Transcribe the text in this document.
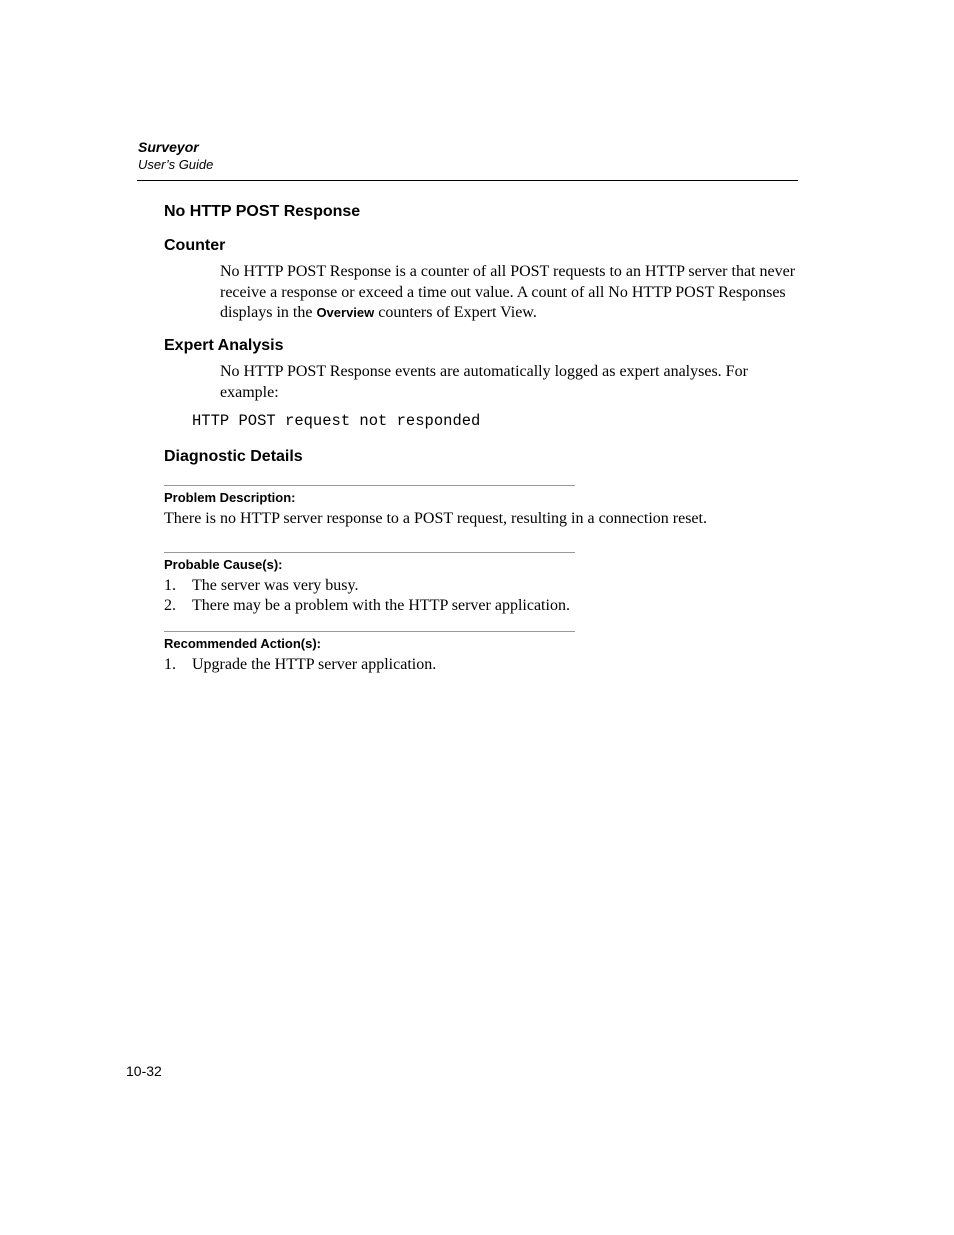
Surveyor

User’s Guide

No HTTP POST Response
Counter

No HTTP POST Response is a counter of all POST requests to an HTTP server that never receive a response or exceed a time out value. A count of all No HTTP POST Responses displays in the Overview counters of Expert View.

Expert Analysis

No HTTP POST Response events are automatically logged as expert analyses. For example:

HTTP POST request not responded

Diagnostic Details

Problem Description:

There is no HTTP server response to a POST request, resulting in a connection reset.

Probable Cause(s):

1. The server was very busy.
2. There may be a problem with the HTTP server application.

Recommended Action(s):

1. Upgrade the HTTP server application.

10-32
